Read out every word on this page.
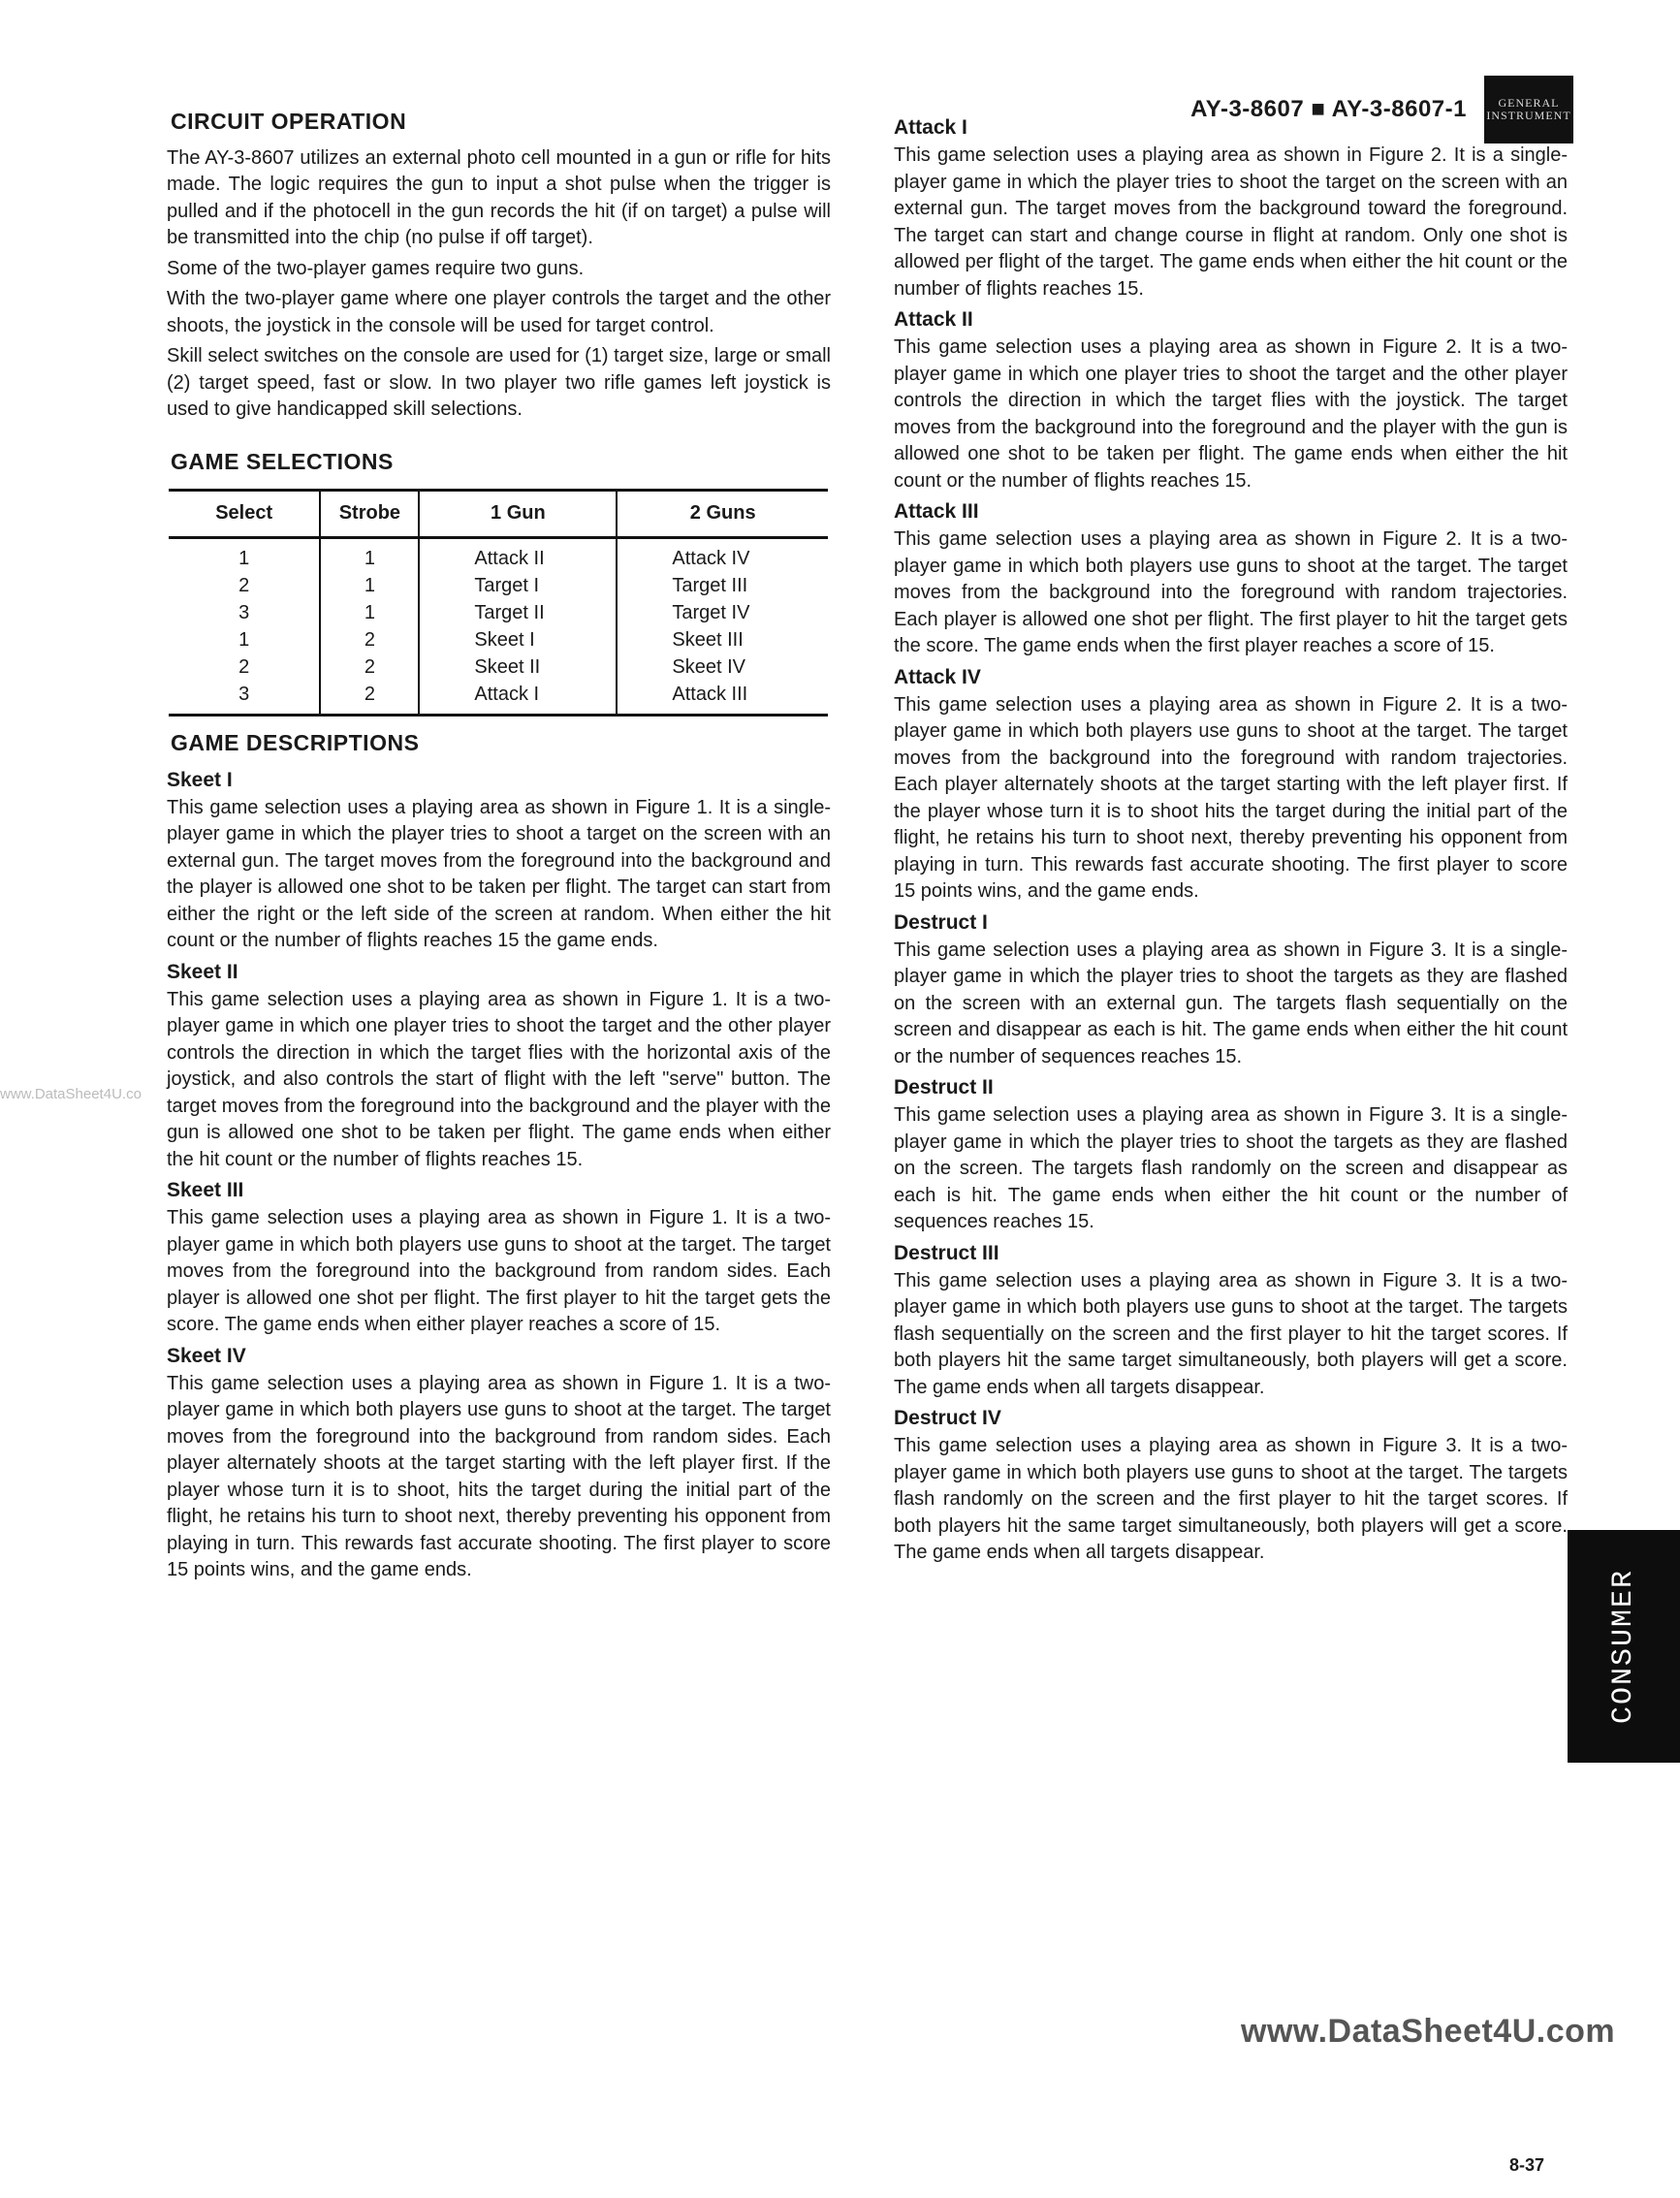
AY-3-8607 ■ AY-3-8607-1	GENERAL
INSTRUMENT
CIRCUIT OPERATION

The AY-3-8607 utilizes an external photo cell mounted in a gun or rifle for hits made. The logic requires the gun to input a shot pulse when the trigger is pulled and if the photocell in the gun records the hit (if on target) a pulse will be transmitted into the chip (no pulse if off target).

Some of the two-player games require two guns.

With the two-player game where one player controls the target and the other shoots, the joystick in the console will be used for target control.

Skill select switches on the console are used for (1) target size, large or small (2) target speed, fast or slow. In two player two rifle games left joystick is used to give handicapped skill selections.

GAME SELECTIONS
Select	Strobe	1 Gun	2 Guns
1	1	Attack II	Attack IV
2	1	Target I	Target III
3	1	Target II	Target IV
1	2	Skeet I	Skeet III
2	2	Skeet II	Skeet IV
3	2	Attack I	Attack III
GAME DESCRIPTIONS
Skeet I

This game selection uses a playing area as shown in Figure 1. It is a single-player game in which the player tries to shoot a target on the screen with an external gun. The target moves from the foreground into the background and the player is allowed one shot to be taken per flight. The target can start from either the right or the left side of the screen at random. When either the hit count or the number of flights reaches 15 the game ends.

Skeet II

This game selection uses a playing area as shown in Figure 1. It is a two-player game in which one player tries to shoot the target and the other player controls the direction in which the target flies with the horizontal axis of the joystick, and also controls the start of flight with the left "serve" button. The target moves from the foreground into the background and the player with the gun is allowed one shot to be taken per flight. The game ends when either the hit count or the number of flights reaches 15.

Skeet III

This game selection uses a playing area as shown in Figure 1. It is a two-player game in which both players use guns to shoot at the target. The target moves from the foreground into the background from random sides. Each player is allowed one shot per flight. The first player to hit the target gets the score. The game ends when either player reaches a score of 15.

Skeet IV

This game selection uses a playing area as shown in Figure 1. It is a two-player game in which both players use guns to shoot at the target. The target moves from the foreground into the background from random sides. Each player alternately shoots at the target starting with the left player first. If the player whose turn it is to shoot, hits the target during the initial part of the flight, he retains his turn to shoot next, thereby preventing his opponent from playing in turn. This rewards fast accurate shooting. The first player to score 15 points wins, and the game ends.

Attack I

This game selection uses a playing area as shown in Figure 2. It is a single-player game in which the player tries to shoot the target on the screen with an external gun. The target moves from the background toward the foreground. The target can start and change course in flight at random. Only one shot is allowed per flight of the target. The game ends when either the hit count or the number of flights reaches 15.

Attack II

This game selection uses a playing area as shown in Figure 2. It is a two-player game in which one player tries to shoot the target and the other player controls the direction in which the target flies with the joystick. The target moves from the background into the foreground and the player with the gun is allowed one shot to be taken per flight. The game ends when either the hit count or the number of flights reaches 15.

Attack III

This game selection uses a playing area as shown in Figure 2. It is a two-player game in which both players use guns to shoot at the target. The target moves from the background into the foreground with random trajectories. Each player is allowed one shot per flight. The first player to hit the target gets the score. The game ends when the first player reaches a score of 15.

Attack IV

This game selection uses a playing area as shown in Figure 2. It is a two-player game in which both players use guns to shoot at the target. The target moves from the background into the foreground with random trajectories. Each player alternately shoots at the target starting with the left player first. If the player whose turn it is to shoot hits the target during the initial part of the flight, he retains his turn to shoot next, thereby preventing his opponent from playing in turn. This rewards fast accurate shooting. The first player to score 15 points wins, and the game ends.

Destruct I

This game selection uses a playing area as shown in Figure 3. It is a single-player game in which the player tries to shoot the targets as they are flashed on the screen with an external gun. The targets flash sequentially on the screen and disappear as each is hit. The game ends when either the hit count or the number of sequences reaches 15.

Destruct II

This game selection uses a playing area as shown in Figure 3. It is a single-player game in which the player tries to shoot the targets as they are flashed on the screen. The targets flash randomly on the screen and disappear as each is hit. The game ends when either the hit count or the number of sequences reaches 15.

Destruct III

This game selection uses a playing area as shown in Figure 3. It is a two-player game in which both players use guns to shoot at the target. The targets flash sequentially on the screen and the first player to hit the target scores. If both players hit the same target simultaneously, both players will get a score. The game ends when all targets disappear.

Destruct IV

This game selection uses a playing area as shown in Figure 3. It is a two-player game in which both players use guns to shoot at the target. The targets flash randomly on the screen and the first player to hit the target scores. If both players hit the same target simultaneously, both players will get a score. The game ends when all targets disappear.

CONSUMER
www.DataSheet4U.co
www.DataSheet4U.com
8-37
